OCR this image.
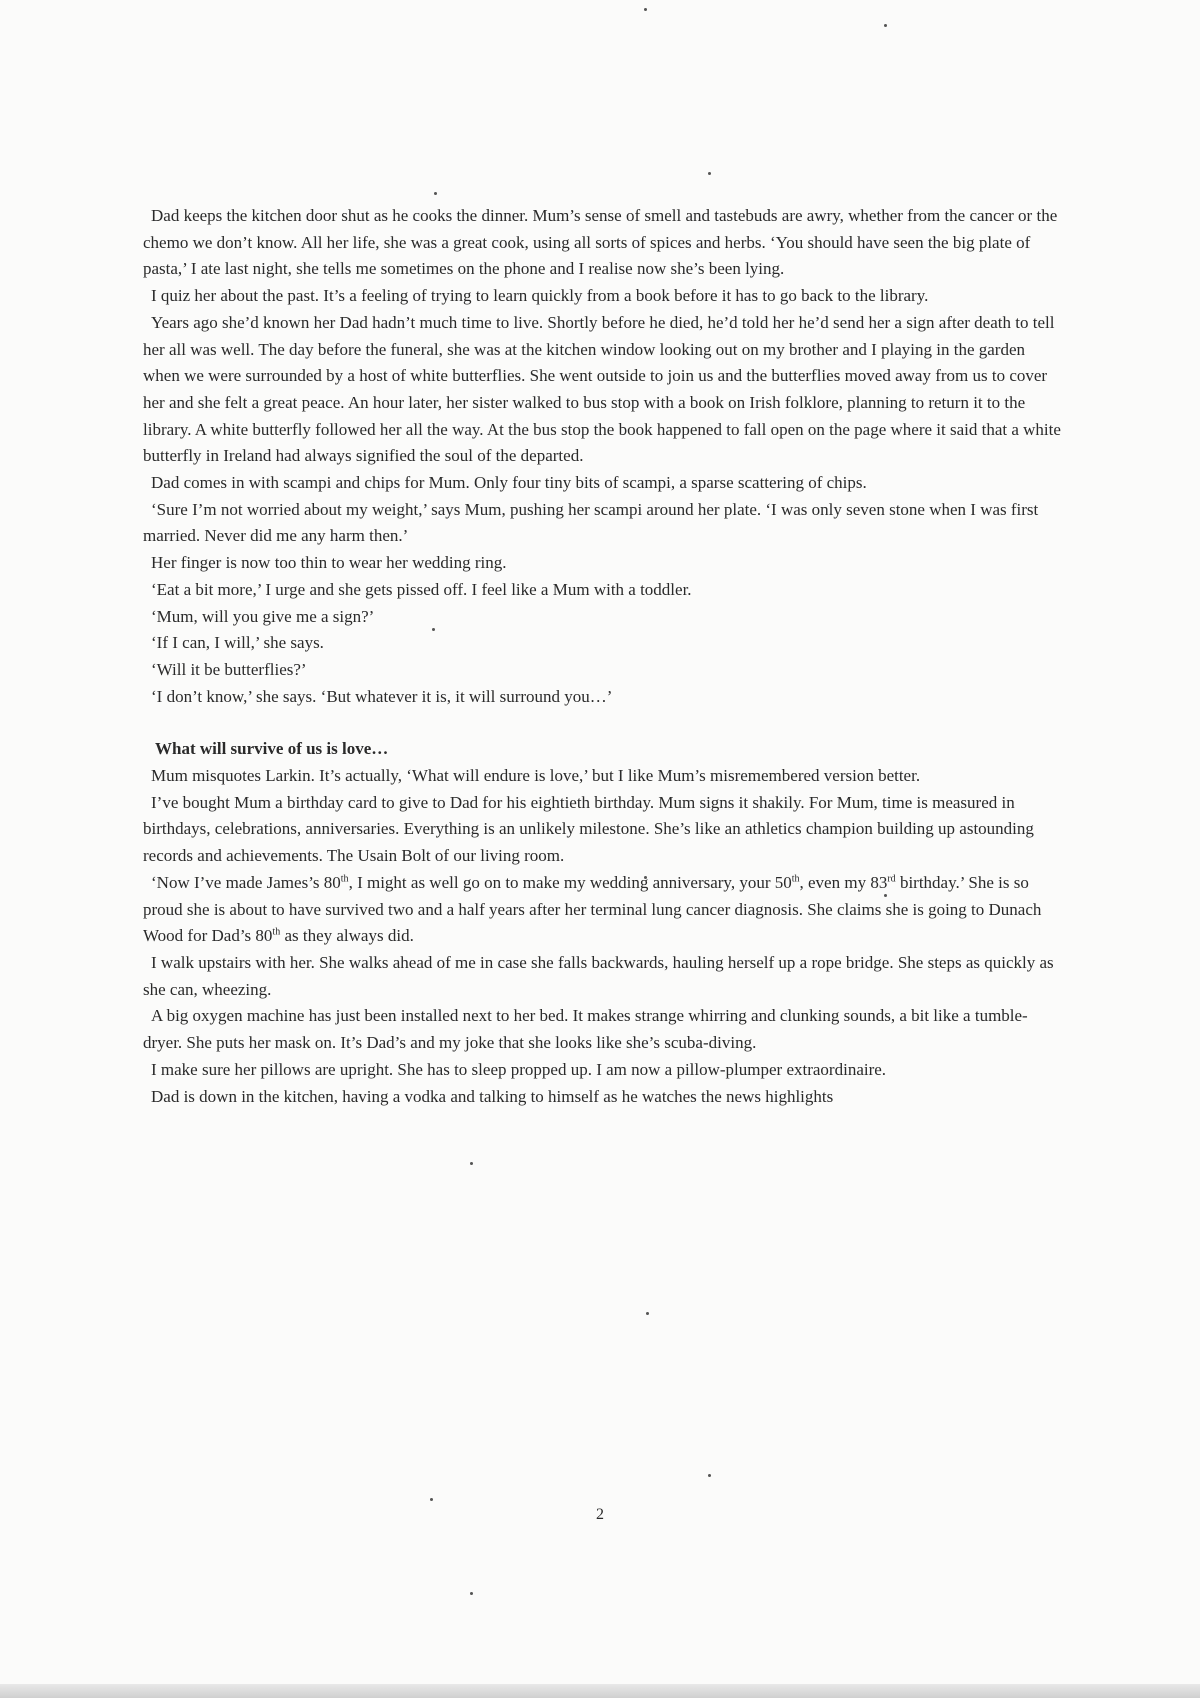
Dad keeps the kitchen door shut as he cooks the dinner. Mum’s sense of smell and tastebuds are awry, whether from the cancer or the chemo we don’t know. All her life, she was a great cook, using all sorts of spices and herbs. ‘You should have seen the big plate of pasta,’ I ate last night, she tells me sometimes on the phone and I realise now she’s been lying.

I quiz her about the past. It’s a feeling of trying to learn quickly from a book before it has to go back to the library.

Years ago she’d known her Dad hadn’t much time to live. Shortly before he died, he’d told her he’d send her a sign after death to tell her all was well. The day before the funeral, she was at the kitchen window looking out on my brother and I playing in the garden when we were surrounded by a host of white butterflies. She went outside to join us and the butterflies moved away from us to cover her and she felt a great peace. An hour later, her sister walked to bus stop with a book on Irish folklore, planning to return it to the library. A white butterfly followed her all the way. At the bus stop the book happened to fall open on the page where it said that a white butterfly in Ireland had always signified the soul of the departed.

Dad comes in with scampi and chips for Mum. Only four tiny bits of scampi, a sparse scattering of chips.

‘Sure I’m not worried about my weight,’ says Mum, pushing her scampi around her plate. ‘I was only seven stone when I was first married. Never did me any harm then.’

Her finger is now too thin to wear her wedding ring.

‘Eat a bit more,’ I urge and she gets pissed off. I feel like a Mum with a toddler.

‘Mum, will you give me a sign?’

‘If I can, I will,’ she says.

‘Will it be butterflies?’

‘I don’t know,’ she says. ‘But whatever it is, it will surround you…’

What will survive of us is love…

Mum misquotes Larkin. It’s actually, ‘What will endure is love,’ but I like Mum’s misremembered version better.

I’ve bought Mum a birthday card to give to Dad for his eightieth birthday. Mum signs it shakily. For Mum, time is measured in birthdays, celebrations, anniversaries. Everything is an unlikely milestone. She’s like an athletics champion building up astounding records and achievements. The Usain Bolt of our living room.

‘Now I’ve made James’s 80th, I might as well go on to make my wedding anniversary, your 50th, even my 83rd birthday.’ She is so proud she is about to have survived two and a half years after her terminal lung cancer diagnosis. She claims she is going to Dunach Wood for Dad’s 80th as they always did.

I walk upstairs with her. She walks ahead of me in case she falls backwards, hauling herself up a rope bridge. She steps as quickly as she can, wheezing.

A big oxygen machine has just been installed next to her bed. It makes strange whirring and clunking sounds, a bit like a tumble-dryer. She puts her mask on. It’s Dad’s and my joke that she looks like she’s scuba-diving.

I make sure her pillows are upright. She has to sleep propped up. I am now a pillow-plumper extraordinaire.

Dad is down in the kitchen, having a vodka and talking to himself as he watches the news highlights

2
